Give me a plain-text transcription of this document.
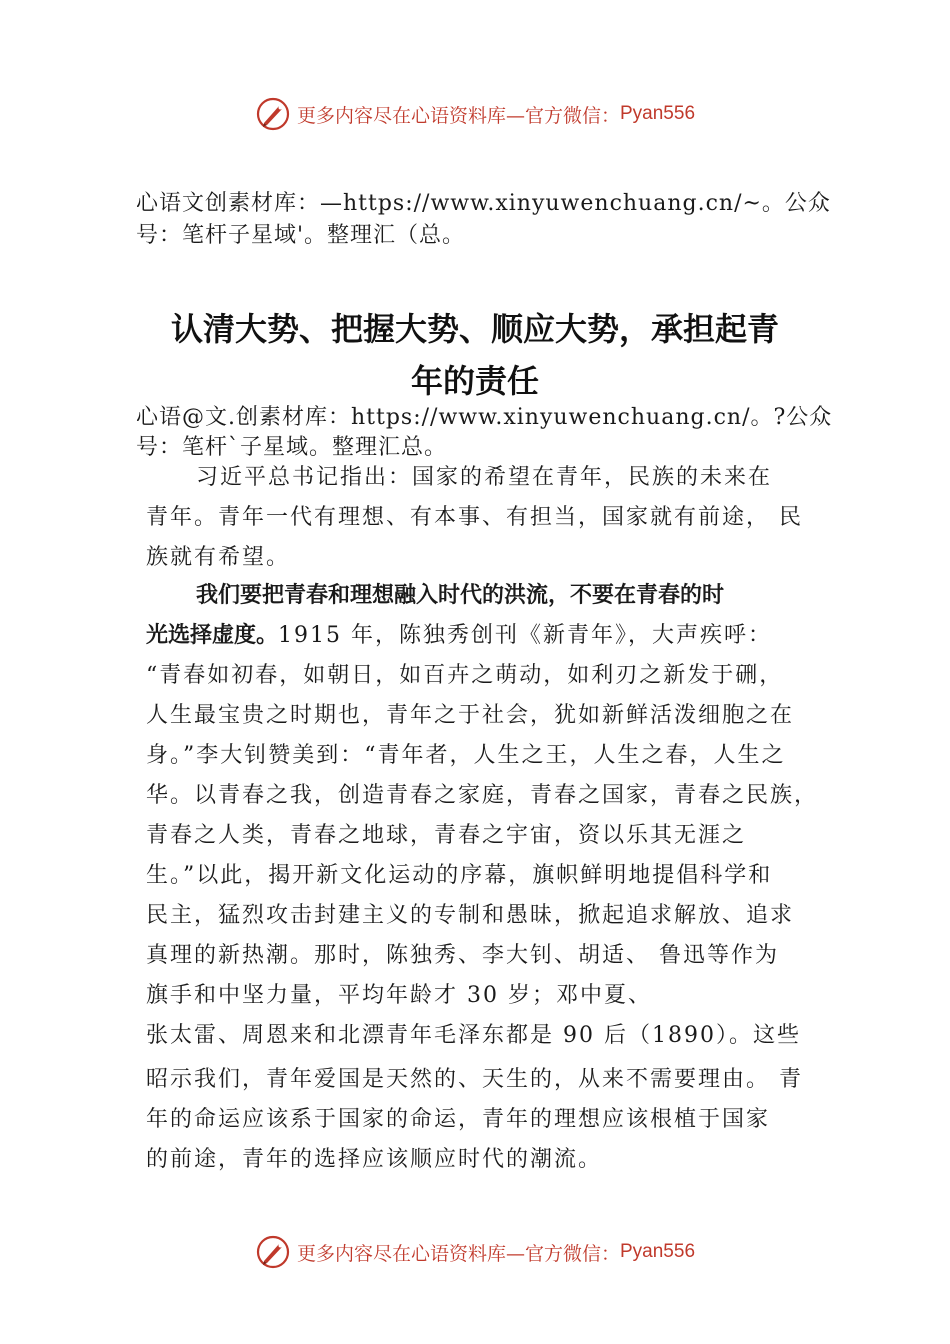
更多内容尽在心语资料库—官方微信： Pyan556
心语文创素材库：—https://www.xinyuwenchuang.cn/~。公众
号：笔杆子星域'。整理汇（总。
认清大势、把握大势、顺应大势，承担起青
年的责任
心语@文.创素材库：https://www.xinyuwenchuang.cn/。?公众
号：笔杆`子星域。整理汇总。
习近平总书记指出：国家的希望在青年，民族的未来在
青年。青年一代有理想、有本事、有担当，国家就有前途， 民
族就有希望。
我们要把青春和理想融入时代的洪流，不要在青春的时
光选择虚度。1915 年，陈独秀创刊《新青年》，大声疾呼：
“青春如初春，如朝日，如百卉之萌动，如利刃之新发于硎，
人生最宝贵之时期也，青年之于社会，犹如新鲜活泼细胞之在
身。”李大钊赞美到：“青年者，人生之王，人生之春，人生之
华。以青春之我，创造青春之家庭，青春之国家，青春之民族，
青春之人类，青春之地球，青春之宇宙，资以乐其无涯之
生。”以此，揭开新文化运动的序幕，旗帜鲜明地提倡科学和
民主，猛烈攻击封建主义的专制和愚昧，掀起追求解放、追求
真理的新热潮。那时，陈独秀、李大钊、胡适、 鲁迅等作为
旗手和中坚力量，平均年龄才 30 岁；邓中夏、
张太雷、周恩来和北漂青年毛泽东都是 90 后（1890）。这些
昭示我们，青年爱国是天然的、天生的，从来不需要理由。 青
年的命运应该系于国家的命运，青年的理想应该根植于国家
的前途，青年的选择应该顺应时代的潮流。
更多内容尽在心语资料库—官方微信： Pyan556
